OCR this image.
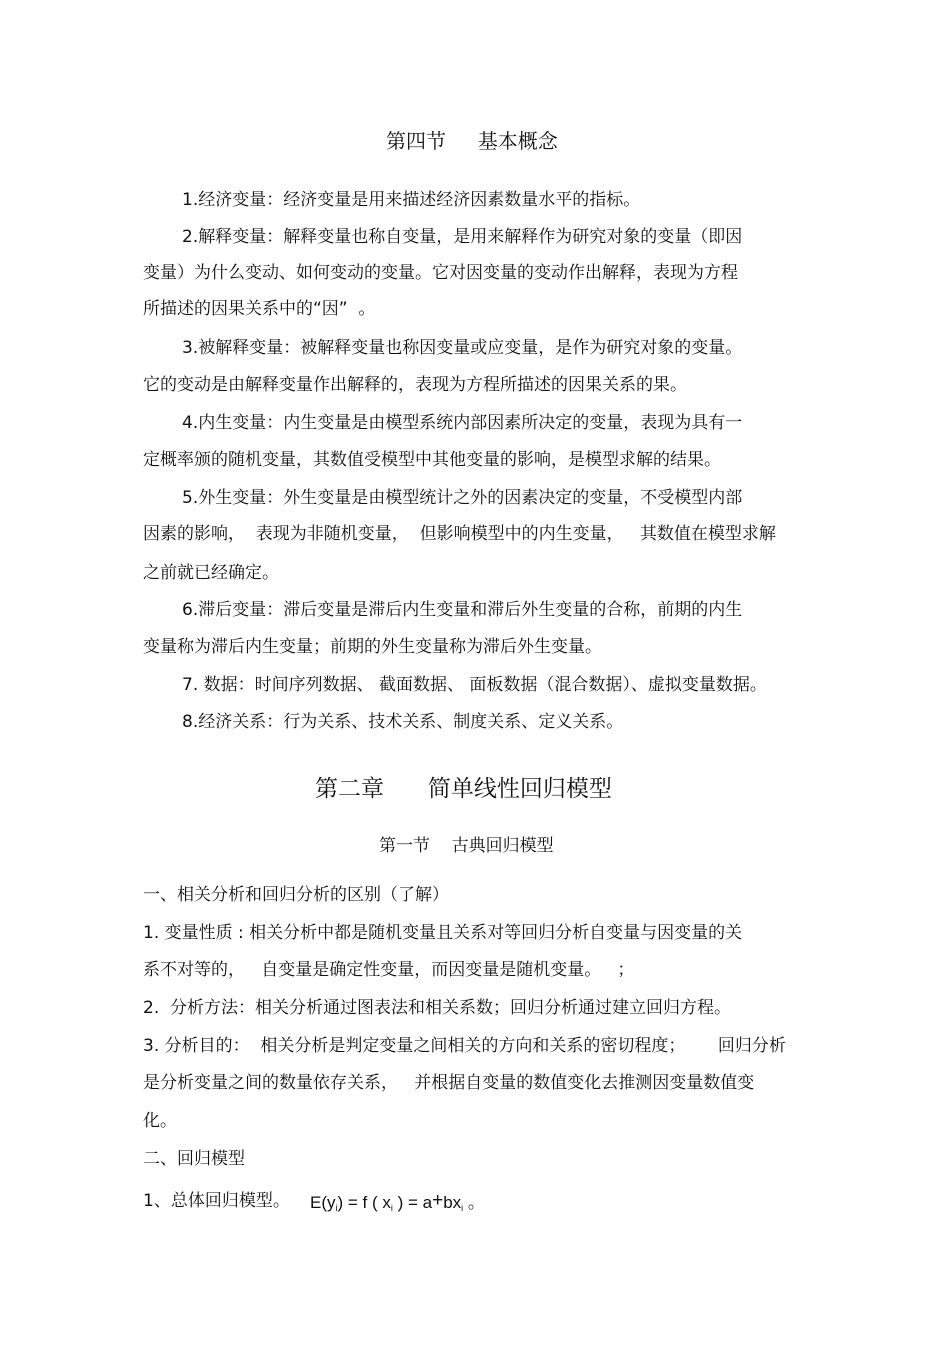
第四节 基本概念
1.经济变量：经济变量是用来描述经济因素数量水平的指标。
2.解释变量：解释变量也称自变量，是用来解释作为研究对象的变量（即因
变量）为什么变动、如何变动的变量。它对因变量的变动作出解释，表现为方程
所描述的因果关系中的“因”  。
3.被解释变量：被解释变量也称因变量或应变量，是作为研究对象的变量。
它的变动是由解释变量作出解释的，表现为方程所描述的因果关系的果。
4.内生变量：内生变量是由模型系统内部因素所决定的变量，表现为具有一
定概率颁的随机变量，其数值受模型中其他变量的影响，是模型求解的结果。
5.外生变量：外生变量是由模型统计之外的因素决定的变量，不受模型内部
因素的影响，  表现为非随机变量，  但影响模型中的内生变量，   其数值在模型求解
之前就已经确定。
6.滞后变量：滞后变量是滞后内生变量和滞后外生变量的合称，前期的内生
变量称为滞后内生变量；前期的外生变量称为滞后外生变量。
7. 数据：时间序列数据、 截面数据、 面板数据（混合数据）、虚拟变量数据。
8.经济关系：行为关系、技术关系、制度关系、定义关系。
第二章 简单线性回归模型
第一节 古典回归模型
一、相关分析和回归分析的区别（了解）
1. 变量性质 : 相关分析中都是随机变量且关系对等回归分析自变量与因变量的关
系不对等的，   自变量是确定性变量，而因变量是随机变量。   ；
2.  分析方法：相关分析通过图表法和相关系数；回归分析通过建立回归方程。
3. 分析目的：  相关分析是判定变量之间相关的方向和关系的密切程度；      回归分析
是分析变量之间的数量依存关系，   并根据自变量的数值变化去推测因变量数值变
化。
二、回归模型
1、总体回归模型。 $E(y_i) = f$ ( $x_i$ ) = $a+bx_i$ 。
